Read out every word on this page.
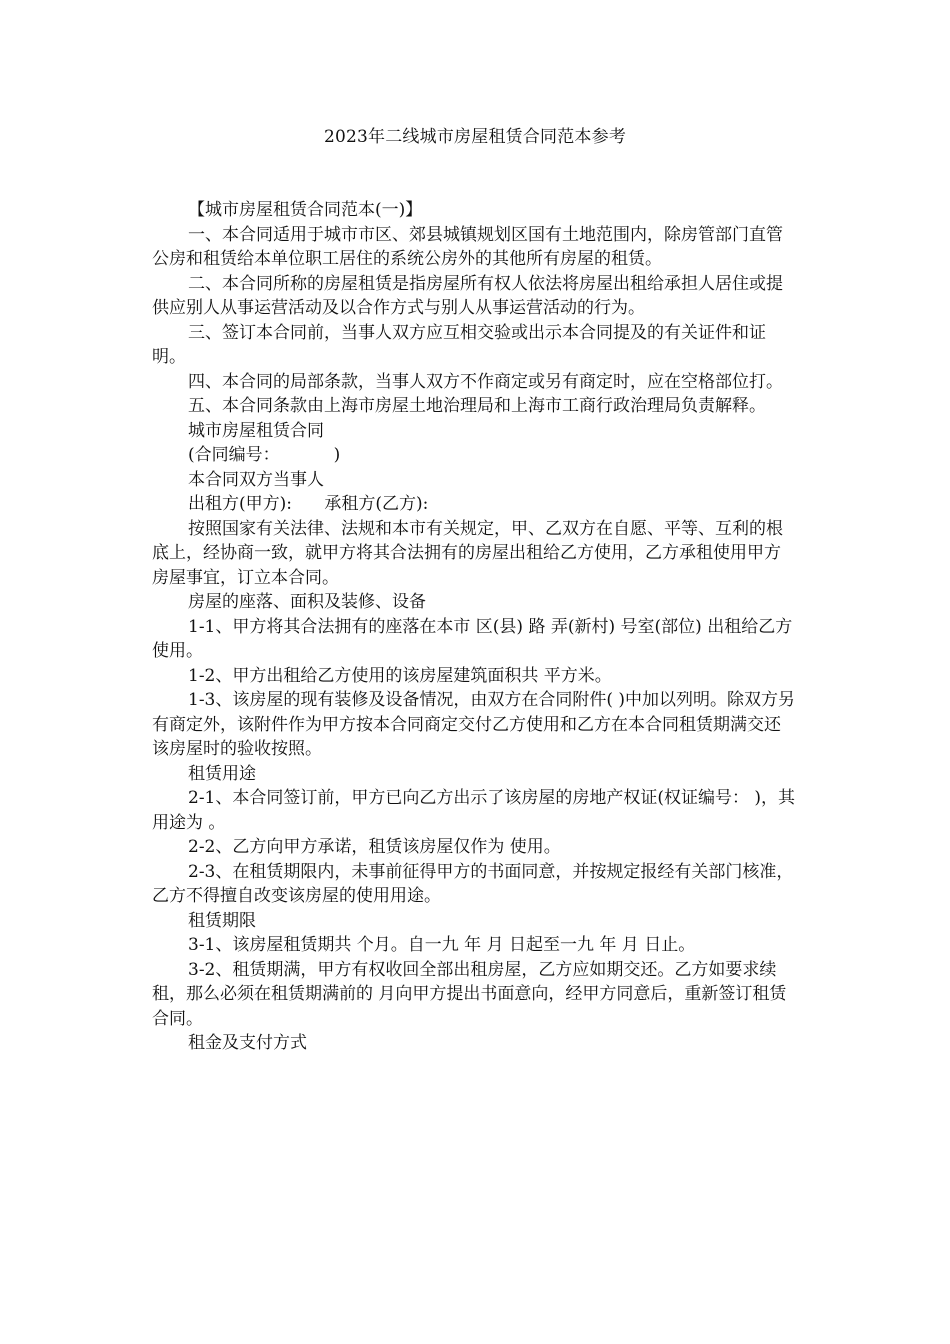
2023年二线城市房屋租赁合同范本参考

【城市房屋租赁合同范本(一)】

一、本合同适用于城市市区、郊县城镇规划区国有土地范围内，除房管部门直管公房和租赁给本单位职工居住的系统公房外的其他所有房屋的租赁。

二、本合同所称的房屋租赁是指房屋所有权人依法将房屋出租给承担人居住或提供应别人从事运营活动及以合作方式与别人从事运营活动的行为。

三、签订本合同前，当事人双方应互相交验或出示本合同提及的有关证件和证明。

四、本合同的局部条款，当事人双方不作商定或另有商定时，应在空格部位打。

五、本合同条款由上海市房屋土地治理局和上海市工商行政治理局负责解释。

城市房屋租赁合同

(合同编号：          )

本合同双方当事人

出租方(甲方):      承租方(乙方):

按照国家有关法律、法规和本市有关规定，甲、乙双方在自愿、平等、互利的根底上，经协商一致，就甲方将其合法拥有的房屋出租给乙方使用，乙方承租使用甲方房屋事宜，订立本合同。

房屋的座落、面积及装修、设备

1-1、甲方将其合法拥有的座落在本市 区(县) 路 弄(新村) 号室(部位) 出租给乙方使用。

1-2、甲方出租给乙方使用的该房屋建筑面积共 平方米。

1-3、该房屋的现有装修及设备情况，由双方在合同附件( )中加以列明。除双方另有商定外，该附件作为甲方按本合同商定交付乙方使用和乙方在本合同租赁期满交还该房屋时的验收按照。

租赁用途

2-1、本合同签订前，甲方已向乙方出示了该房屋的房地产权证(权证编号： )，其用途为 。

2-2、乙方向甲方承诺，租赁该房屋仅作为 使用。

2-3、在租赁期限内，未事前征得甲方的书面同意，并按规定报经有关部门核准，乙方不得擅自改变该房屋的使用用途。

租赁期限

3-1、该房屋租赁期共 个月。自一九 年 月 日起至一九 年 月 日止。

3-2、租赁期满，甲方有权收回全部出租房屋，乙方应如期交还。乙方如要求续租，那么必须在租赁期满前的 月向甲方提出书面意向，经甲方同意后，重新签订租赁合同。

租金及支付方式
